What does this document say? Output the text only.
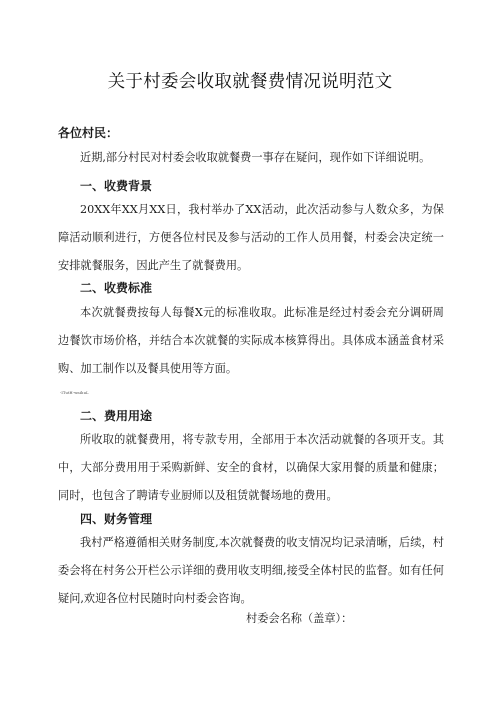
关于村委会收取就餐费情况说明范文
各位村民：
近期,部分村民对村委会收取就餐费一事存在疑问，现作如下详细说明。
一、收费背景
20XX年XX月XX日，我村举办了XX活动，此次活动参与人数众多，为保障活动顺利进行，方便各位村民及参与活动的工作人员用餐，村委会决定统一安排就餐服务，因此产生了就餐费用。
二、收费标准
本次就餐费按每人每餐X元的标准收取。此标准是经过村委会充分调研周边餐饮市场价格，并结合本次就餐的实际成本核算得出。具体成本涵盖食材采购、加工制作以及餐具使用等方面。
-ITutH-wnihuL
二、费用用途
所收取的就餐费用，将专款专用，全部用于本次活动就餐的各项开支。其中，大部分费用用于采购新鲜、安全的食材，以确保大家用餐的质量和健康；同时，也包含了聘请专业厨师以及租赁就餐场地的费用。
四、财务管理
我村严格遵循相关财务制度,本次就餐费的收支情况均记录清晰，后续，村委会将在村务公开栏公示详细的费用收支明细,接受全体村民的监督。如有任何疑问,欢迎各位村民随时向村委会咨询。
村委会名称（盖章）：
